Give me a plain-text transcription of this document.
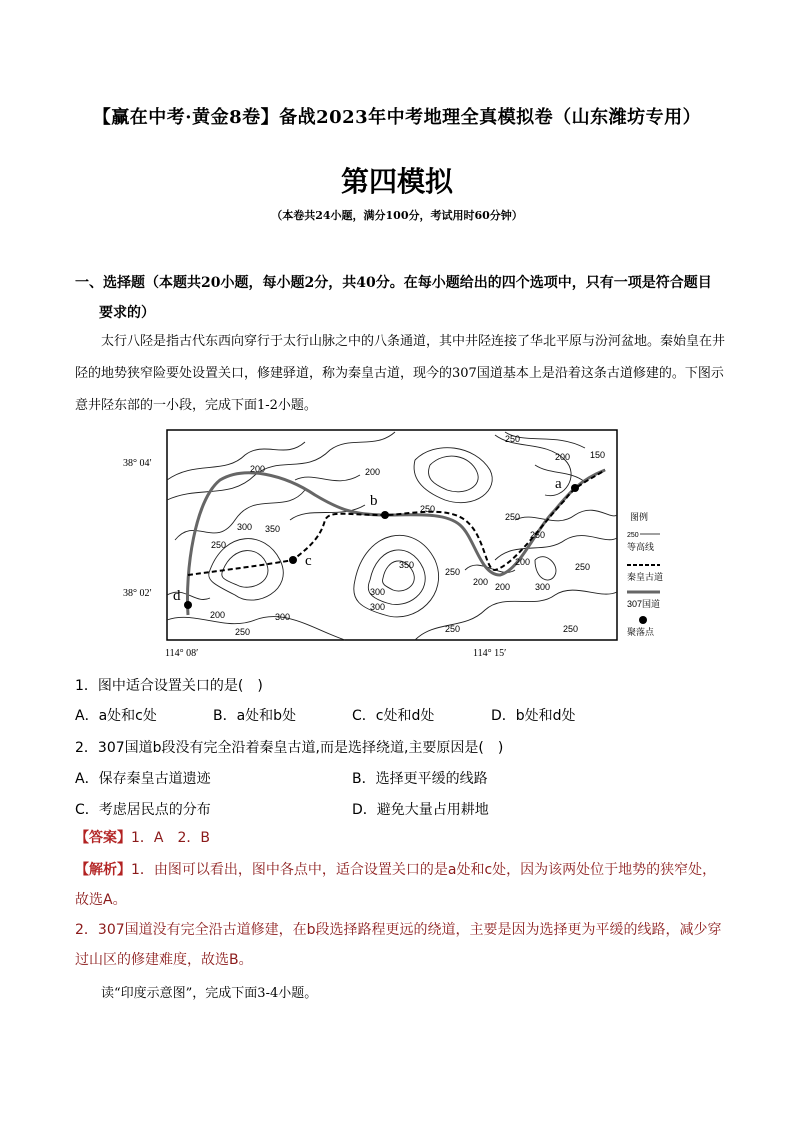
【赢在中考·黄金8卷】备战2023年中考地理全真模拟卷（山东潍坊专用）
第四模拟
（本卷共24小题，满分100分，考试用时60分钟）
一、选择题（本题共20小题，每小题2分，共40分。在每小题给出的四个选项中，只有一项是符合题目
要求的）
太行八陉是指古代东西向穿行于太行山脉之中的八条通道，其中井陉连接了华北平原与汾河盆地。秦始皇在井陉的地势狭窄险要处设置关口，修建驿道，称为秦皇古道，现今的307国道基本上是沿着这条古道修建的。下图示意井陉东部的一小段，完成下面1-2小题。
d
c
b
a
200
250
300 350
350
300
300
250
250
150
200
250
250
250
200
200 200
250	250
300
200
200
250
300
250
38° 04′
38° 02′
114° 08′	114° 15′
图例
250
等高线
秦皇古道
307国道
聚落点
1．图中适合设置关口的是(　)
A．a处和c处	B．a处和b处	C．c处和d处	D．b处和d处
2．307国道b段没有完全沿着秦皇古道,而是选择绕道,主要原因是(　)
A．保存秦皇古道遗迹	B．选择更平缓的线路
C．考虑居民点的分布	D．避免大量占用耕地
【答案】1．A　2．B
【解析】1．由图可以看出，图中各点中，适合设置关口的是a处和c处，因为该两处位于地势的狭窄处，
故选A。
2．307国道没有完全沿古道修建，在b段选择路程更远的绕道，主要是因为选择更为平缓的线路，减少穿
过山区的修建难度，故选B。
读“印度示意图”，完成下面3-4小题。
